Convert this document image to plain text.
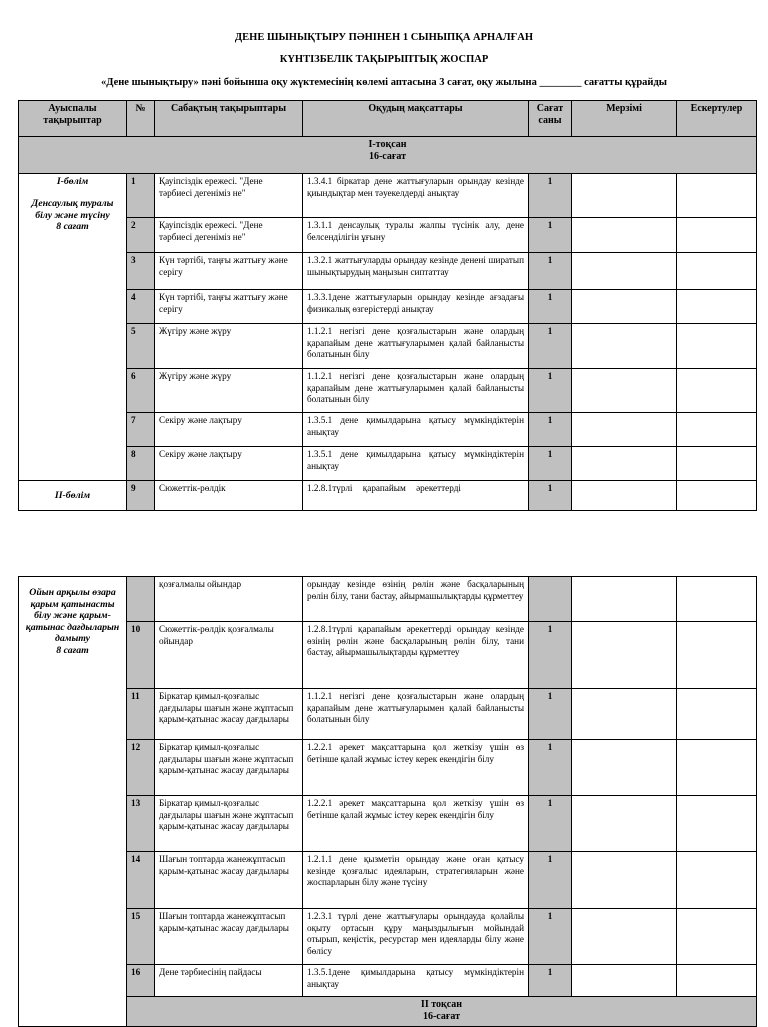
ДЕНЕ ШЫНЫҚТЫРУ ПӘНІНЕН 1 СЫНЫПҚА АРНАЛҒАН
КҮНТІЗБЕЛІК ТАҚЫРЫПТЫҚ ЖОСПАР
«Дене шынықтыру» пәні бойынша оқу жүктемесінің көлемі аптасына 3 сағат, оқу жылына ________ сағатты құрайды
Ауыспалы тақырыптар	№	Сабақтың тақырыптары	Оқудың мақсаттары	Сағат саны	Мерзімі	Ескертулер

I-тоқсан
16-сағат						

І-бөлім
Денсаулық туралы білу және түсіну
8 сағат	1	Қауіпсіздік ережесі. "Дене тәрбиесі дегеніміз не"	1.3.4.1 біркатар дене жаттығуларын орындау кезінде қиындықтар мен тәуекелдерді анықтау	1		
	2	Қауіпсіздік ережесі. "Дене тәрбиесі дегеніміз не"	1.3.1.1 денсаулық туралы жалпы түсінік алу, дене белсенділігін ұғыну	1		
	3	Күн тәртібі, таңғы жаттығу және серігу	1.3.2.1 жаттығуларды орындау кезінде денені ширатып шынықтырудың маңызын сиптаттау	1		
	4	Күн тәртібі, таңғы жаттығу және серігу	1.3.3.1дене жаттығуларын орындау кезінде ағзадағы физикалық өзгерістерді анықтау	1		
	5	Жүгіру және жүру	1.1.2.1 негізгі дене қозғалыстарын және олардың қарапайым дене жаттығуларымен қалай байланысты болатынын білу	1		
	6	Жүгіру және жүру	1.1.2.1 негізгі дене қозғалыстарын және олардың қарапайым дене жаттығуларымен қалай байланысты болатынын білу	1		
	7	Секіру және лақтыру	1.3.5.1 дене қимылдарына қатысу мүмкіндіктерін анықтау	1		
	8	Секіру және лақтыру	1.3.5.1 дене қимылдарына қатысу мүмкіндіктерін анықтау	1		
ІІ-бөлім	9	Сюжеттік-рөлдік	1.2.8.1түрлі қарапайым әрекеттерді	1		
Ойын арқылы өзара қарым қатынасты білу және қарым-қатынас дағдыларын дамыту
8 сағат		қозғалмалы ойындар	орындау кезінде өзінің рөлін және басқаларының рөлін білу, тани бастау, айырмашылықтарды құрметтеу			
	10	Сюжеттік-рөлдік қозғалмалы ойындар	1.2.8.1түрлі қарапайым әрекеттерді орындау кезінде өзінің рөлін және басқаларының рөлін білу, тани бастау, айырмашылықтарды құрметтеу	1		
	11	Біркатар қимыл-қозғалыс дағдылары шағын және жұптасып қарым-қатынас жасау дағдылары	1.1.2.1 негізгі дене қозғалыстарын және олардың қарапайым дене жаттығуларымен қалай байланысты болатынын білу	1		
	12	Біркатар қимыл-қозғалыс дағдылары шағын және жұптасып қарым-қатынас жасау дағдылары	1.2.2.1 әрекет мақсаттарына қол жеткізу үшін өз бетінше қалай жұмыс істеу керек екендігін білу	1		
	13	Біркатар қимыл-қозғалыс дағдылары шағын және жұптасып қарым-қатынас жасау дағдылары	1.2.2.1 әрекет мақсаттарына қол жеткізу үшін өз бетінше қалай жұмыс істеу керек екендігін білу	1		
	14	Шағын топтарда жанежұптасып қарым-қатынас жасау дағдылары	1.2.1.1 дене қызметін орындау және оған қатысу кезінде қозғалыс идеяларын, стратегияларын және жоспарларын білу және түсіну	1		
	15	Шағын топтарда жанежұптасып қарым-қатынас жасау дағдылары	1.2.3.1 түрлі дене жаттығулары орындауда қолайлы оқыту ортасын құру маңыздылығын мойындай отырып, кеңістік, ресурстар мен идеяларды білу және бөлісу	1		
	16	Дене тәрбиесінің пайдасы	1.3.5.1дене қимылдарына қатысу мүмкіндіктерін анықтау	1		

	ІІ тоқсан
16-сағат					
